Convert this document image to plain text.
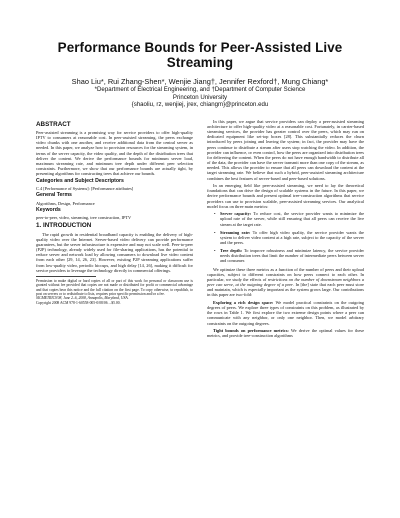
Performance Bounds for Peer-Assisted Live Streaming
Shao Liu*, Rui Zhang-Shen*, Wenjie Jiang†, Jennifer Rexford†, Mung Chiang*
*Department of Electrical Engineering, and †Department of Computer Science
Princeton University
{shaoliu, rz, wenjiej, jrex, chiangm}@princeton.edu
ABSTRACT

Peer-assisted streaming is a promising way for service providers to offer high-quality IPTV to consumers at reasonable cost. In peer-assisted streaming, the peers exchange video chunks with one another, and receive additional data from the central server as needed. In this paper, we analyze how to provision resources for the streaming system, in terms of the server capacity, the video quality, and the depth of the distribution trees that deliver the content. We derive the performance bounds for minimum server load, maximum streaming rate, and minimum tree depth under different peer selection constraints. Furthermore, we show that our performance bounds are actually tight, by presenting algorithms for constructing trees that achieve our bounds.

Categories and Subject Descriptors

C.4 [Performance of Systems]: [Performance attributes]

General Terms

Algorithms, Design, Performance

Keywords

peer-to-peer, video, streaming, tree construction, IPTV

1. INTRODUCTION

The rapid growth in residential broadband capacity is enabling the delivery of high-quality video over the Internet. Server-based video delivery can provide performance guarantees, but the server infrastructure is expensive and may not scale well. Peer-to-peer (P2P) technology, already widely used for file-sharing applications, has the potential to reduce server and network load by allowing consumers to download live video content from each other [29, 14, 26, 23]. However, existing P2P streaming applications suffer from low-quality video, periodic hiccups, and high delay [14, 26], making it difficult for service providers to leverage the technology directly in commercial offerings.

Permission to make digital or hard copies of all or part of this work for personal or classroom use is granted without fee provided that copies are not made or distributed for profit or commercial advantage and that copies bear this notice and the full citation on the first page. To copy otherwise, to republish, to post on servers or to redistribute to lists, requires prior specific permission and/or a fee.
SIGMETRICS'08, June 2–6, 2008, Annapolis, Maryland, USA.
Copyright 2008 ACM 978-1-60558-005-0/08/06 ...$5.00.

In this paper, we argue that service providers can deploy a peer-assisted streaming architecture to offer high-quality video at a reasonable cost. Fortunately, in carrier-based streaming services, the provider has greater control over the peers, which may run on dedicated equipment like set-top boxes [28]. This substantially reduces the churn introduced by peers joining and leaving the system; in fact, the provider may have the peers continue to distribute a stream after users stop watching the video. In addition, the provider can influence, or even control, how the peers are organized into distribution trees for delivering the content. When the peers do not have enough bandwidth to distribute all of the data, the provider can have the server transmit more than one copy of the stream, as needed. This allows the provider to ensure that all peers can download the content at the target streaming rate. We believe that such a hybrid, peer-assisted streaming architecture combines the best features of server-based and peer-based solutions.

In an emerging field like peer-assisted streaming, we need to lay the theoretical foundations that can drive the design of scalable systems in the future. In this paper, we derive performance bounds and present optimal tree-construction algorithms that service providers can use to provision scalable, peer-assisted streaming services. Our analytical model focus on three main metrics:

• Server capacity: To reduce cost, the service provider wants to minimize the upload rate of the server, while still ensuring that all peers can receive the live stream at the target rate.
• Streaming rate: To offer high video quality, the service provider wants the system to deliver video content at a high rate, subject to the capacity of the server and the peers.
• Tree depth: To improve robustness and minimize latency, the service provider needs distribution trees that limit the number of intermediate peers between server and consumer.

We optimize these three metrics as a function of the number of peers and their upload capacities, subject to different constraints on how peers connect to each other. In particular, we study the effects of restrictions on the number of downstream neighbors a peer can serve, at the outgoing degree of a peer. In [the] state that each peer must store and maintain, which is especially important as the system grows large. Our contributions in this paper are two-fold:

Exploring a rich design space: We model practical constraints on the outgoing degrees of peers. We explore three types of constraints on this problem, as illustrated by the rows in Table 1. We first explore the two extreme design points where a peer can communicate with any neighbor, or only one neighbor. Then, we model arbitrary constraints on the outgoing degrees.

Tight bounds on performance metrics: We derive the optimal values for these metrics, and provide tree-construction algorithms
